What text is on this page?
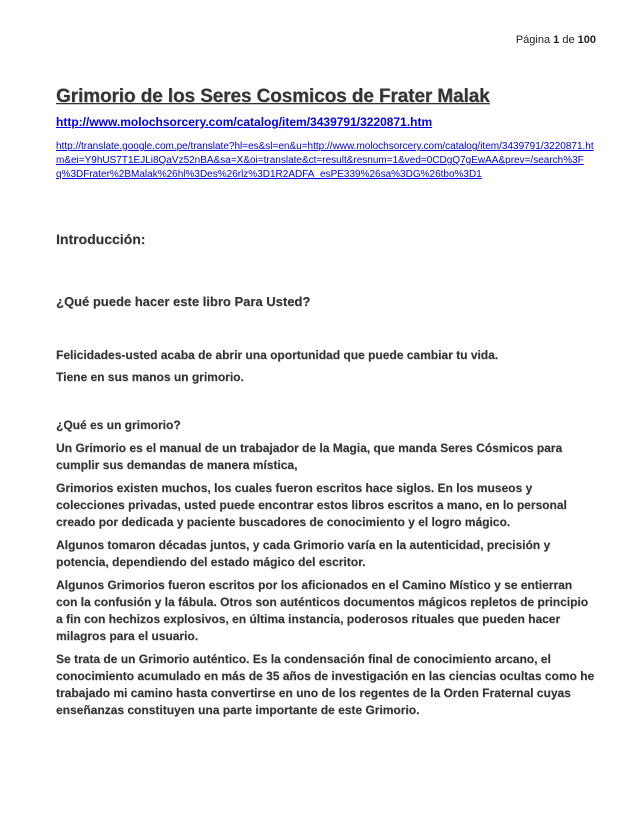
Página 1 de 100
Grimorio de los Seres Cosmicos de Frater Malak
http://www.molochsorcery.com/catalog/item/3439791/3220871.htm
http://translate.google.com.pe/translate?hl=es&sl=en&u=http://www.molochsorcery.com/catalog/item/3439791/3220871.htm&ei=Y9hUS7T1EJLi8QaVz52nBA&sa=X&oi=translate&ct=result&resnum=1&ved=0CDgQ7gEwAA&prev=/search%3Fq%3DFrater%2BMalak%26hl%3Des%26rlz%3D1R2ADFA_esPE339%26sa%3DG%26tbo%3D1

Introducción:

¿Qué puede hacer este libro Para Usted?

Felicidades-usted acaba de abrir una oportunidad que puede cambiar tu vida.

Tiene en sus manos un grimorio.

¿Qué es un grimorio?

Un Grimorio es el manual de un trabajador de la Magia, que manda Seres Cósmicos para cumplir sus demandas de manera mística,

Grimorios existen muchos, los cuales fueron escritos hace siglos. En los museos y colecciones privadas, usted puede encontrar estos libros escritos a mano, en lo personal creado por dedicada y paciente buscadores de conocimiento y el logro mágico.

Algunos tomaron décadas juntos, y cada Grimorio varía en la autenticidad, precisión y potencia, dependiendo del estado mágico del escritor.

Algunos Grimorios fueron escritos por los aficionados en el Camino Místico y se entierran con la confusión y la fábula. Otros son auténticos documentos mágicos repletos de principio a fin con hechizos explosivos, en última instancia, poderosos rituales que pueden hacer milagros para el usuario.

Se trata de un Grimorio auténtico. Es la condensación final de conocimiento arcano, el conocimiento acumulado en más de 35 años de investigación en las ciencias ocultas como he trabajado mi camino hasta convertirse en uno de los regentes de la Orden Fraternal cuyas enseñanzas constituyen una parte importante de este Grimorio.
